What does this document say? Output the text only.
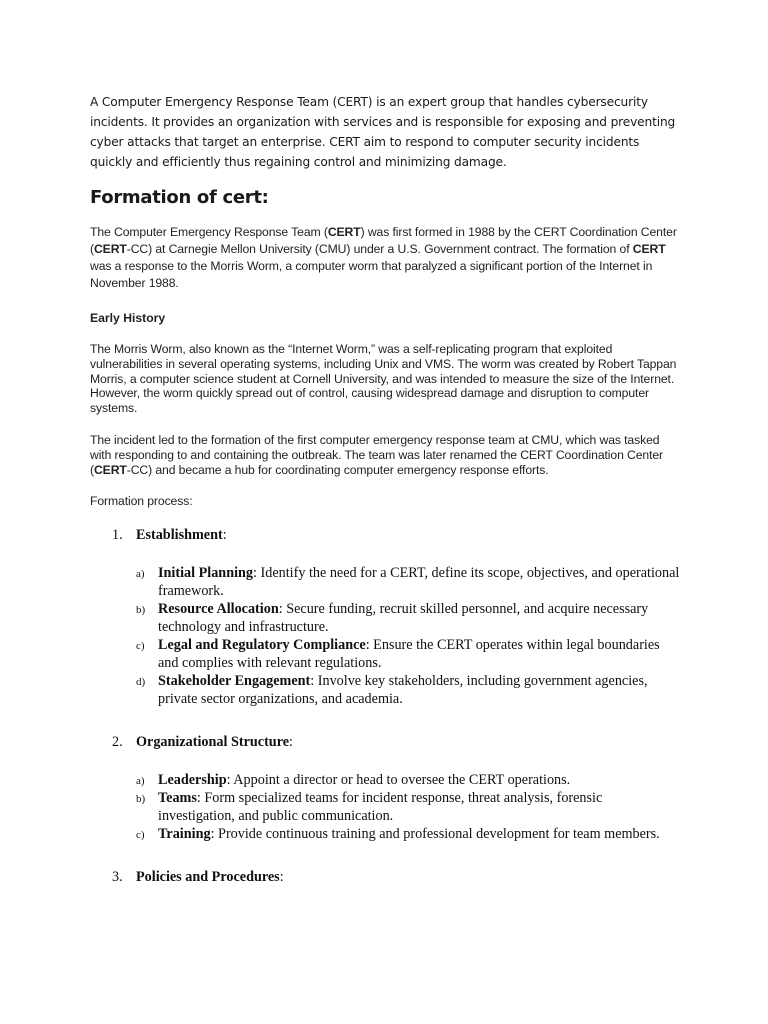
A Computer Emergency Response Team (CERT) is an expert group that handles cybersecurity incidents. It provides an organization with services and is responsible for exposing and preventing cyber attacks that target an enterprise. CERT aim to respond to computer security incidents quickly and efficiently thus regaining control and minimizing damage.

Formation of cert:

The Computer Emergency Response Team (CERT) was first formed in 1988 by the CERT Coordination Center (CERT-CC) at Carnegie Mellon University (CMU) under a U.S. Government contract. The formation of CERT was a response to the Morris Worm, a computer worm that paralyzed a significant portion of the Internet in November 1988.

Early History

The Morris Worm, also known as the “Internet Worm,” was a self-replicating program that exploited vulnerabilities in several operating systems, including Unix and VMS. The worm was created by Robert Tappan Morris, a computer science student at Cornell University, and was intended to measure the size of the Internet. However, the worm quickly spread out of control, causing widespread damage and disruption to computer systems.

The incident led to the formation of the first computer emergency response team at CMU, which was tasked with responding to and containing the outbreak. The team was later renamed the CERT Coordination Center (CERT-CC) and became a hub for coordinating computer emergency response efforts.

Formation process:

1. Establishment:
a) Initial Planning: Identify the need for a CERT, define its scope, objectives, and operational framework.
b) Resource Allocation: Secure funding, recruit skilled personnel, and acquire necessary technology and infrastructure.
c) Legal and Regulatory Compliance: Ensure the CERT operates within legal boundaries and complies with relevant regulations.
d) Stakeholder Engagement: Involve key stakeholders, including government agencies, private sector organizations, and academia.
2. Organizational Structure:
a) Leadership: Appoint a director or head to oversee the CERT operations.
b) Teams: Form specialized teams for incident response, threat analysis, forensic investigation, and public communication.
c) Training: Provide continuous training and professional development for team members.
3. Policies and Procedures:
